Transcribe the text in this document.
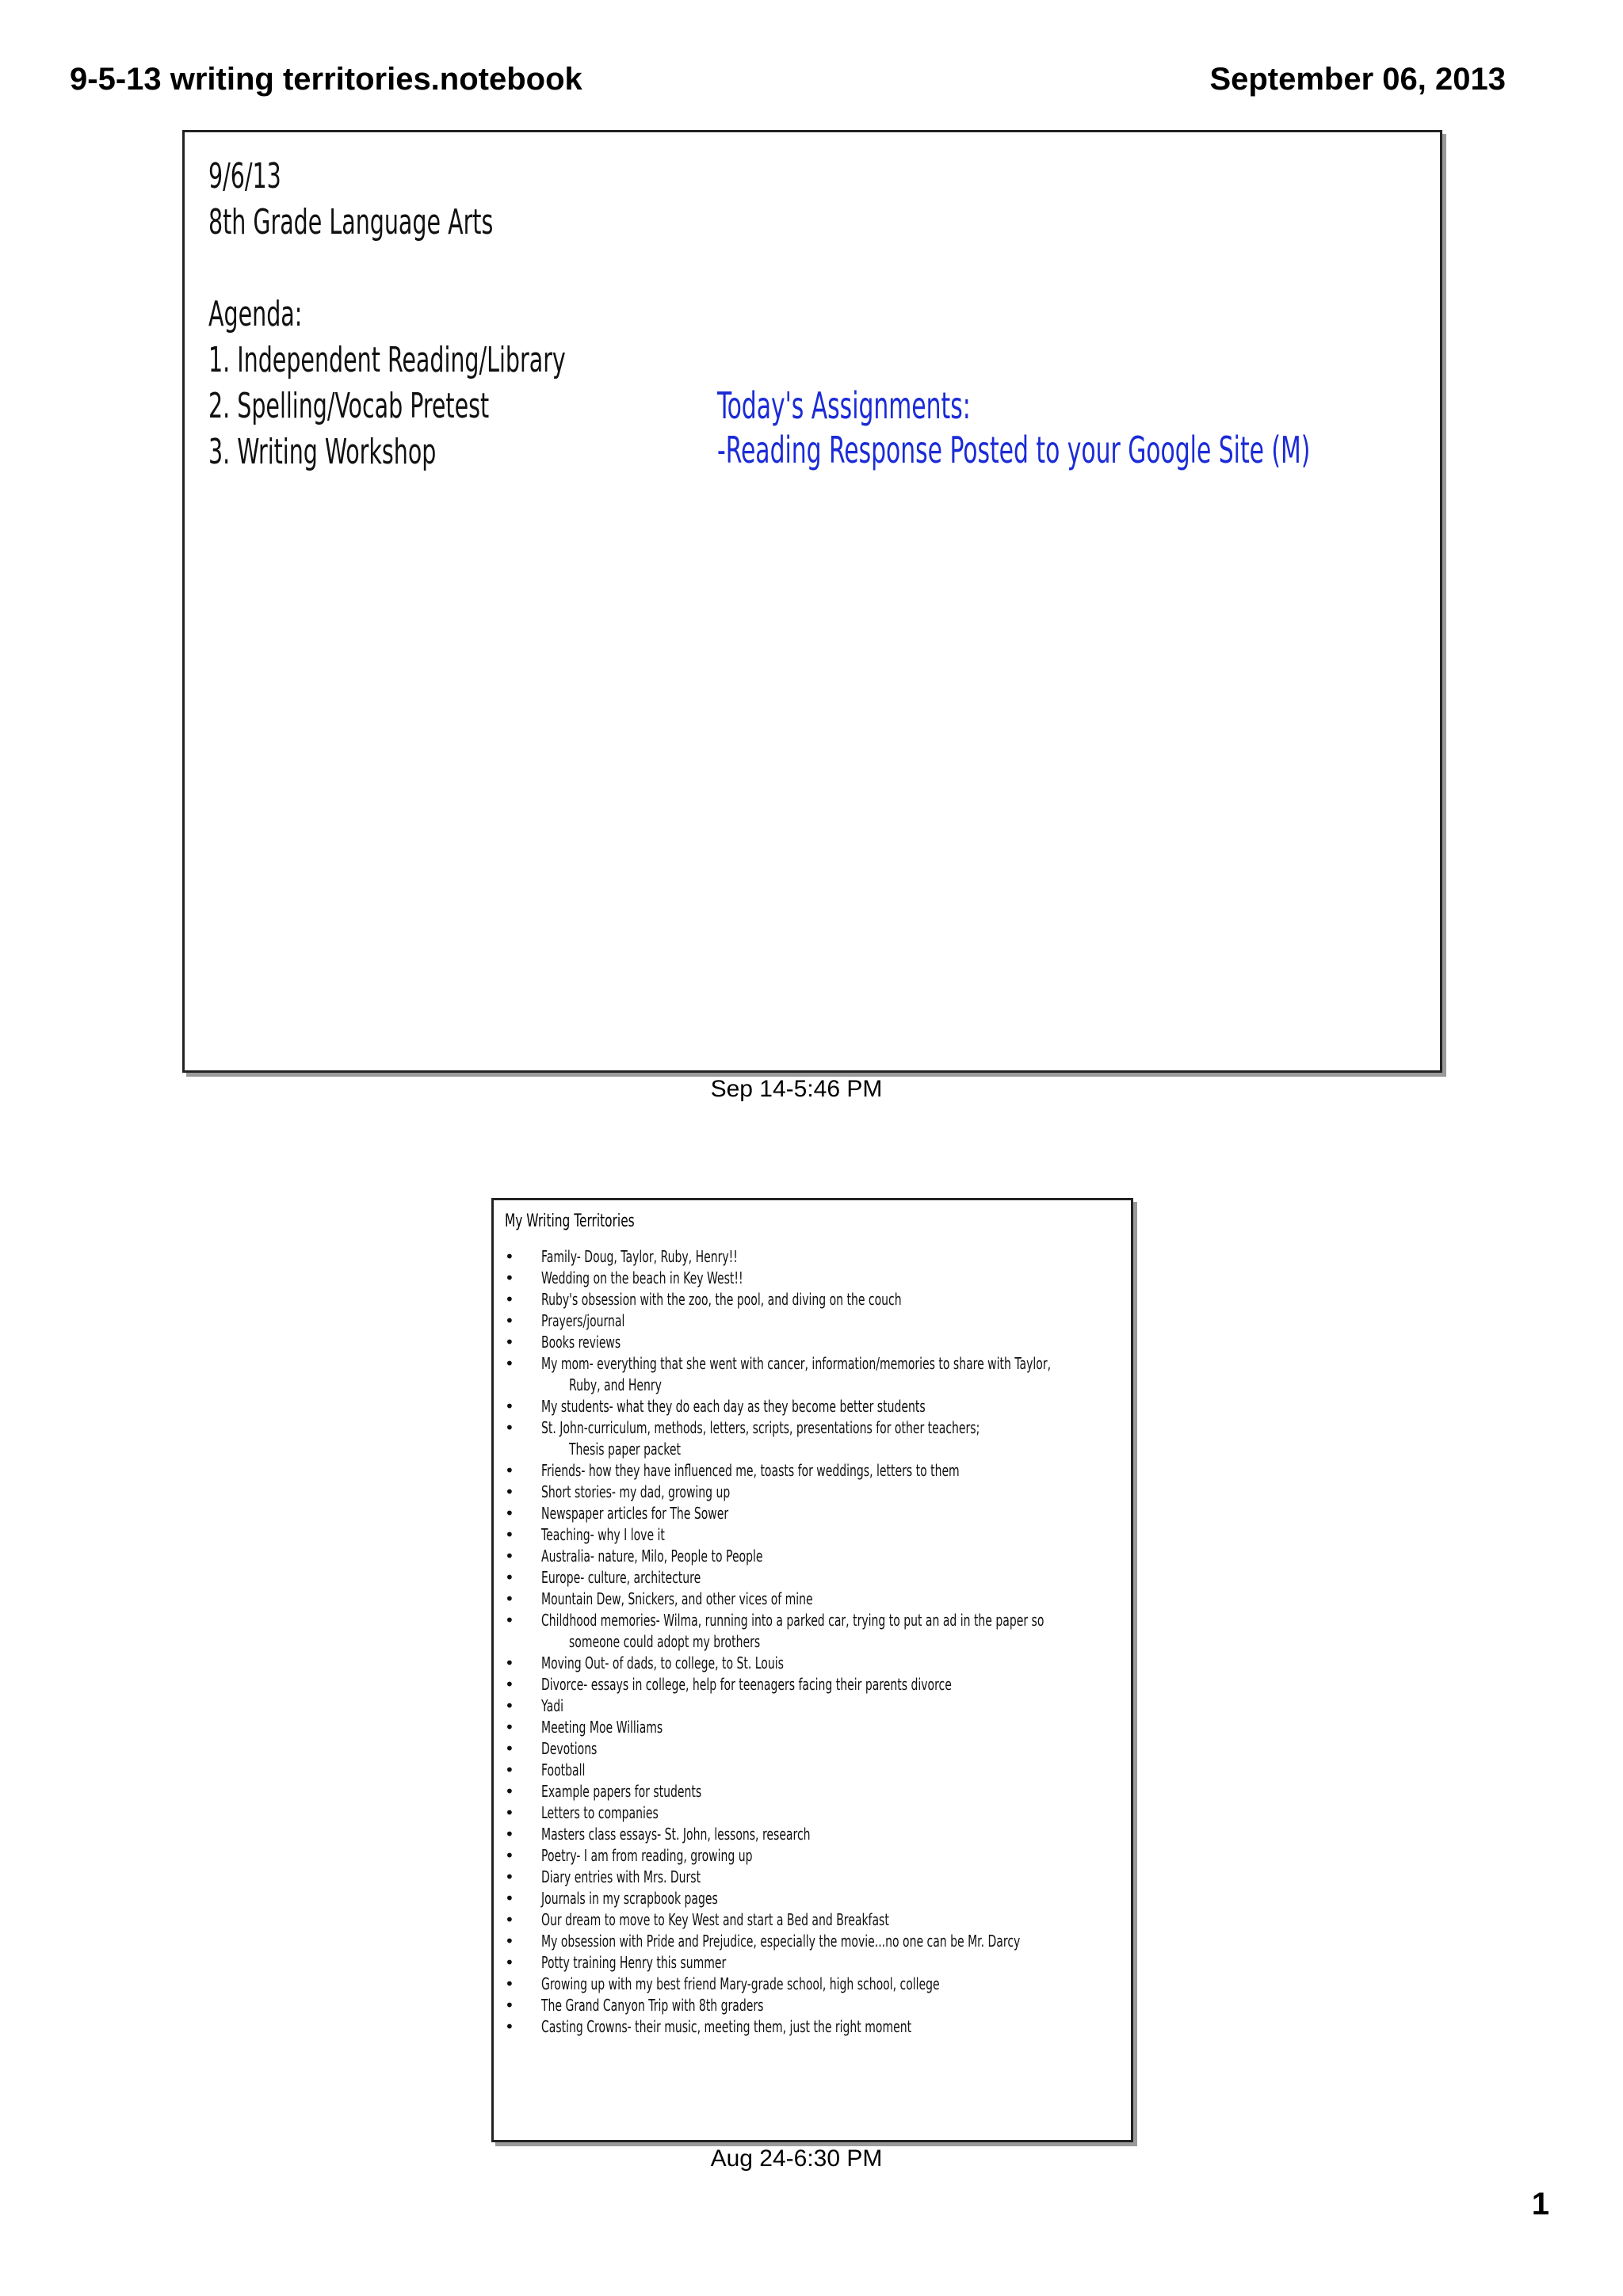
9-5-13 writing territories.notebook	September 06, 2013
9/6/13
8th Grade Language Arts
Agenda:
1. Independent Reading/Library
2. Spelling/Vocab Pretest
3. Writing Workshop
Today's Assignments:
-Reading Response Posted to your Google Site (M)
Sep 14-5:46 PM
My Writing Territories
• Family- Doug, Taylor, Ruby, Henry!!
• Wedding on the beach in Key West!!
• Ruby's obsession with the zoo, the pool, and diving on the couch
• Prayers/journal
• Books reviews
• My mom- everything that she went with cancer, information/memories to share with Taylor,
Ruby, and Henry
• My students- what they do each day as they become better students
• St. John-curriculum, methods, letters, scripts, presentations for other teachers;
Thesis paper packet
• Friends- how they have influenced me, toasts for weddings, letters to them
• Short stories- my dad, growing up
• Newspaper articles for The Sower
• Teaching- why I love it
• Australia- nature, Milo, People to People
• Europe- culture, architecture
• Mountain Dew, Snickers, and other vices of mine
• Childhood memories- Wilma, running into a parked car, trying to put an ad in the paper so
someone could adopt my brothers
• Moving Out- of dads, to college, to St. Louis
• Divorce- essays in college, help for teenagers facing their parents divorce
• Yadi
• Meeting Moe Williams
• Devotions
• Football
• Example papers for students
• Letters to companies
• Masters class essays- St. John, lessons, research
• Poetry- I am from reading, growing up
• Diary entries with Mrs. Durst
• Journals in my scrapbook pages
• Our dream to move to Key West and start a Bed and Breakfast
• My obsession with Pride and Prejudice, especially the movie...no one can be Mr. Darcy
• Potty training Henry this summer
• Growing up with my best friend Mary-grade school, high school, college
• The Grand Canyon Trip with 8th graders
• Casting Crowns- their music, meeting them, just the right moment
Aug 24-6:30 PM
1
